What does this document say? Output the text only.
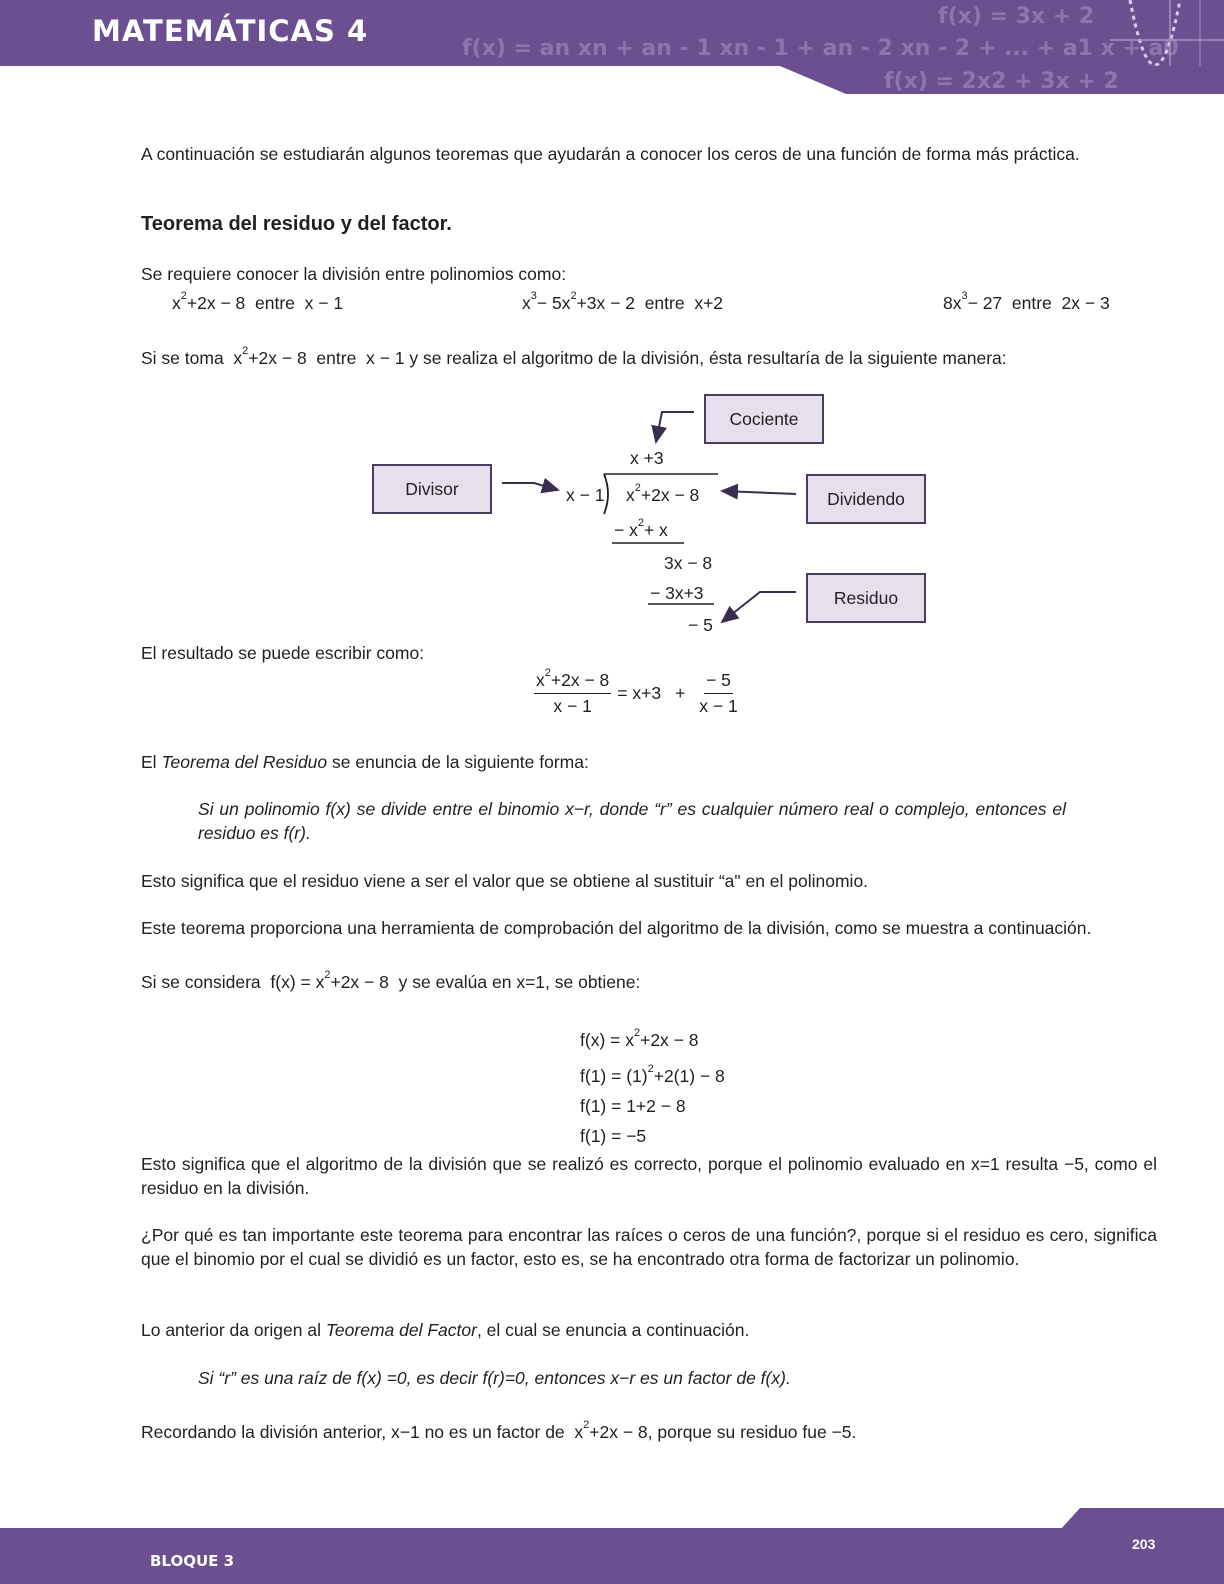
f(x) = 3x + 2
f(x) = an xn + an - 1 xn - 1 + an - 2 xn - 2 + ... + a1 x + a0
MATEMÁTICAS 4
f(x) = 2x2 + 3x + 2
A continuación se estudiarán algunos teoremas que ayudarán a conocer los ceros de una función de forma más práctica.
Teorema del residuo y del factor.
Se requiere conocer la división entre polinomios como:
$x^2+2x - 8$ entre x − 1	$x^3- 5x^2+3x - 2$ entre x+2	$8x^3- 27$ entre 2x − 3
Si se toma  $x^2+2x - 8$ entre x − 1 y se realiza el algoritmo de la división, ésta resultaría de la siguiente manera:
Cociente
Divisor	Dividendo
Residuo
x +3
x − 1 $x^2+2x - 8$
− $x^2+ x$
3x − 8
− 3x+3
− 5
El resultado se puede escribir como:
$\frac{x^2+2x - 8}{x - 1} = x+3 + \frac{- 5}{x - 1}$
El Teorema del Residuo se enuncia de la siguiente forma:
Si un polinomio f(x) se divide entre el binomio x−r, donde “r” es cualquier número real o complejo, entonces el residuo es f(r).
Esto significa que el residuo viene a ser el valor que se obtiene al sustituir “a" en el polinomio.
Este teorema proporciona una herramienta de comprobación del algoritmo de la división, como se muestra a continuación.
Si se considera $f(x) = x^2+2x - 8$ y se evalúa en x=1, se obtiene:
$f(x) = x^2+2x - 8$
$f(1) = (1)^2+2(1) - 8$
f(1) = 1+2 − 8
f(1) = −5
Esto significa que el algoritmo de la división que se realizó es correcto, porque el polinomio evaluado en x=1 resulta −5, como el residuo en la división.
¿Por qué es tan importante este teorema para encontrar las raíces o ceros de una función?, porque si el residuo es cero, significa que el binomio por el cual se dividió es un factor, esto es, se ha encontrado otra forma de factorizar un polinomio.
Lo anterior da origen al Teorema del Factor, el cual se enuncia a continuación.
Si “r” es una raíz de f(x) =0, es decir f(r)=0, entonces x−r es un factor de f(x).
Recordando la división anterior, x−1 no es un factor de  $x^2+2x - 8$, porque su residuo fue −5.
203
BLOQUE 3
